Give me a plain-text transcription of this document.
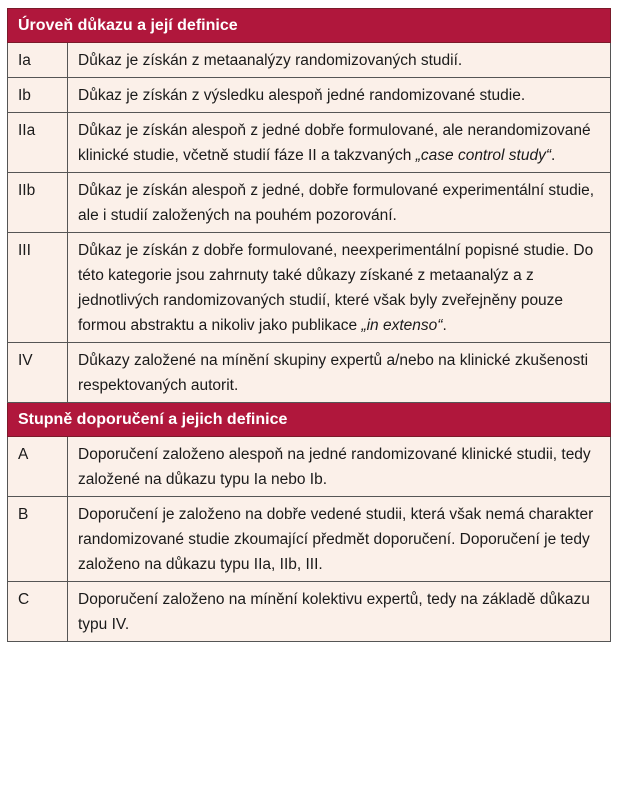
Úroveň důkazu a její definice	
Ia	Důkaz je získán z metaanalýzy randomizovaných studií.
Ib	Důkaz je získán z výsledku alespoň jedné randomizované studie.
IIa	Důkaz je získán alespoň z jedné dobře formulované, ale nerandomizované klinické studie, včetně studií fáze II a takzvaných „case control study“.
IIb	Důkaz je získán alespoň z jedné, dobře formulované experimentální studie, ale i studií založených na pouhém pozorování.
III	Důkaz je získán z dobře formulované, neexperimentální popisné studie. Do této kategorie jsou zahrnuty také důkazy získané z metaanalýz a z jednotlivých randomizovaných studií, které však byly zveřejněny pouze formou abstraktu a nikoliv jako publikace „in extenso“.
IV	Důkazy založené na mínění skupiny expertů a/nebo na klinické zkušenosti respektovaných autorit.
Stupně doporučení a jejich definice	
A	Doporučení založeno alespoň na jedné randomizované klinické studii, tedy založené na důkazu typu Ia nebo Ib.
B	Doporučení je založeno na dobře vedené studii, která však nemá charakter randomizované studie zkoumající předmět doporučení. Doporučení je tedy založeno na důkazu typu IIa, IIb, III.
C	Doporučení založeno na mínění kolektivu expertů, tedy na základě důkazu typu IV.
